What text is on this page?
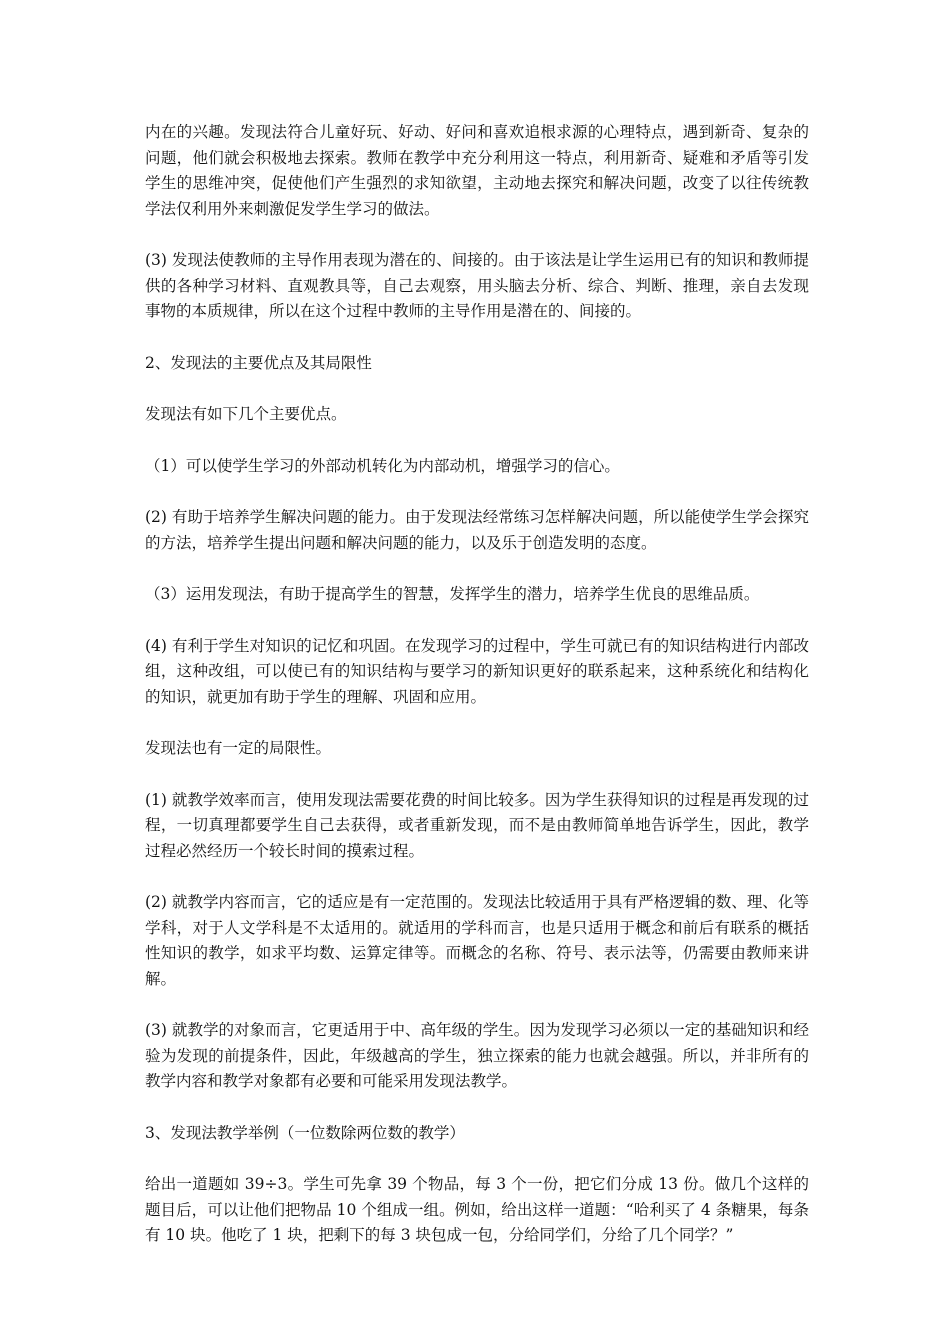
内在的兴趣。发现法符合儿童好玩、好动、好问和喜欢追根求源的心理特点，遇到新奇、复杂的问题，他们就会积极地去探索。教师在教学中充分利用这一特点，利用新奇、疑难和矛盾等引发学生的思维冲突，促使他们产生强烈的求知欲望，主动地去探究和解决问题，改变了以往传统教学法仅利用外来刺激促发学生学习的做法。

(3) 发现法使教师的主导作用表现为潜在的、间接的。由于该法是让学生运用已有的知识和教师提供的各种学习材料、直观教具等，自己去观察，用头脑去分析、综合、判断、推理，亲自去发现事物的本质规律，所以在这个过程中教师的主导作用是潜在的、间接的。

2、发现法的主要优点及其局限性

发现法有如下几个主要优点。

（1）可以使学生学习的外部动机转化为内部动机，增强学习的信心。

(2) 有助于培养学生解决问题的能力。由于发现法经常练习怎样解决问题，所以能使学生学会探究的方法，培养学生提出问题和解决问题的能力，以及乐于创造发明的态度。

（3）运用发现法，有助于提高学生的智慧，发挥学生的潜力，培养学生优良的思维品质。

(4) 有利于学生对知识的记忆和巩固。在发现学习的过程中，学生可就已有的知识结构进行内部改组，这种改组，可以使已有的知识结构与要学习的新知识更好的联系起来，这种系统化和结构化的知识，就更加有助于学生的理解、巩固和应用。

发现法也有一定的局限性。

(1) 就教学效率而言，使用发现法需要花费的时间比较多。因为学生获得知识的过程是再发现的过程，一切真理都要学生自己去获得，或者重新发现，而不是由教师简单地告诉学生，因此，教学过程必然经历一个较长时间的摸索过程。

(2) 就教学内容而言，它的适应是有一定范围的。发现法比较适用于具有严格逻辑的数、理、化等学科，对于人文学科是不太适用的。就适用的学科而言，也是只适用于概念和前后有联系的概括性知识的教学，如求平均数、运算定律等。而概念的名称、符号、表示法等，仍需要由教师来讲解。

(3) 就教学的对象而言，它更适用于中、高年级的学生。因为发现学习必须以一定的基础知识和经验为发现的前提条件，因此，年级越高的学生，独立探索的能力也就会越强。所以，并非所有的教学内容和教学对象都有必要和可能采用发现法教学。

3、发现法教学举例（一位数除两位数的教学）

给出一道题如 39÷3。学生可先拿 39 个物品，每 3 个一份，把它们分成 13 份。做几个这样的题目后，可以让他们把物品 10 个组成一组。例如，给出这样一道题：“哈利买了 4 条糖果，每条有 10 块。他吃了 1 块，把剩下的每 3 块包成一包，分给同学们，分给了几个同学？”
